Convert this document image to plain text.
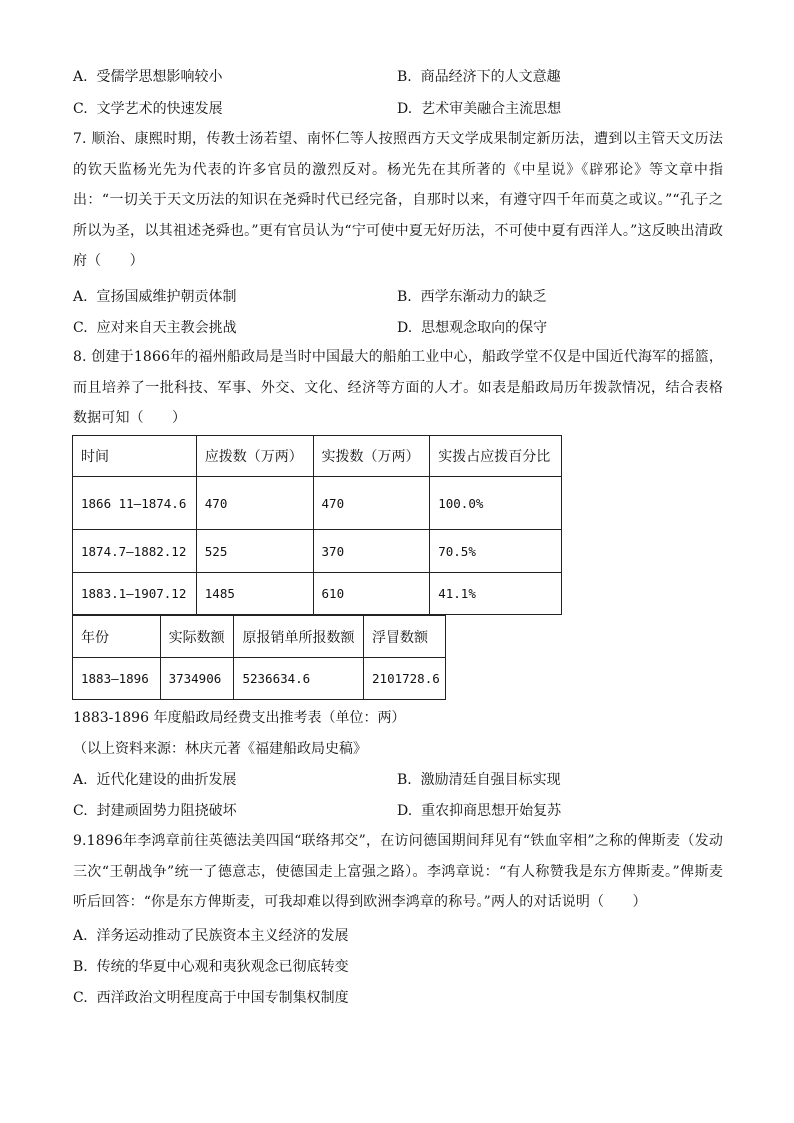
A. 受儒学思想影响较小	B. 商品经济下的人文意趣
C. 文学艺术的快速发展	D. 艺术审美融合主流思想
7. 顺治、康熙时期，传教士汤若望、南怀仁等人按照西方天文学成果制定新历法，遭到以主管天文历法的钦天监杨光先为代表的许多官员的激烈反对。杨光先在其所著的《中星说》《辟邪论》等文章中指出：“一切关于天文历法的知识在尧舜时代已经完备，自那时以来，有遵守四千年而莫之或议。”“孔子之所以为圣，以其祖述尧舜也。”更有官员认为“宁可使中夏无好历法，不可使中夏有西洋人。”这反映出清政府（　　）
A. 宣扬国威维护朝贡体制	B. 西学东渐动力的缺乏
C. 应对来自天主教会挑战	D. 思想观念取向的保守
8. 创建于1866年的福州船政局是当时中国最大的船舶工业中心，船政学堂不仅是中国近代海军的摇篮，而且培养了一批科技、军事、外交、文化、经济等方面的人才。如表是船政局历年拨款情况，结合表格数据可知（　　）
时间	应拨数（万两）	实拨数（万两）	实拨占应拨百分比
1866 11—1874.6	470	470	100.0%
1874.7—1882.12	525	370	70.5%
1883.1—1907.12	1485	610	41.1%
年份	实际数额	原报销单所报数额	浮冒数额
1883—1896	3734906	5236634.6	2101728.6
1883-1896 年度船政局经费支出推考表（单位：两）
（以上资料来源：林庆元著《福建船政局史稿》
A. 近代化建设的曲折发展	B. 激励清廷自强目标实现
C. 封建顽固势力阻挠破坏	D. 重农抑商思想开始复苏
9.1896年李鸿章前往英德法美四国“联络邦交”，在访问德国期间拜见有“铁血宰相”之称的俾斯麦（发动三次“王朝战争”统一了德意志，使德国走上富强之路）。李鸿章说：“有人称赞我是东方俾斯麦。”俾斯麦听后回答：“你是东方俾斯麦，可我却难以得到欧洲李鸿章的称号。”两人的对话说明（　　）
A. 洋务运动推动了民族资本主义经济的发展
B. 传统的华夏中心观和夷狄观念已彻底转变
C. 西洋政治文明程度高于中国专制集权制度
